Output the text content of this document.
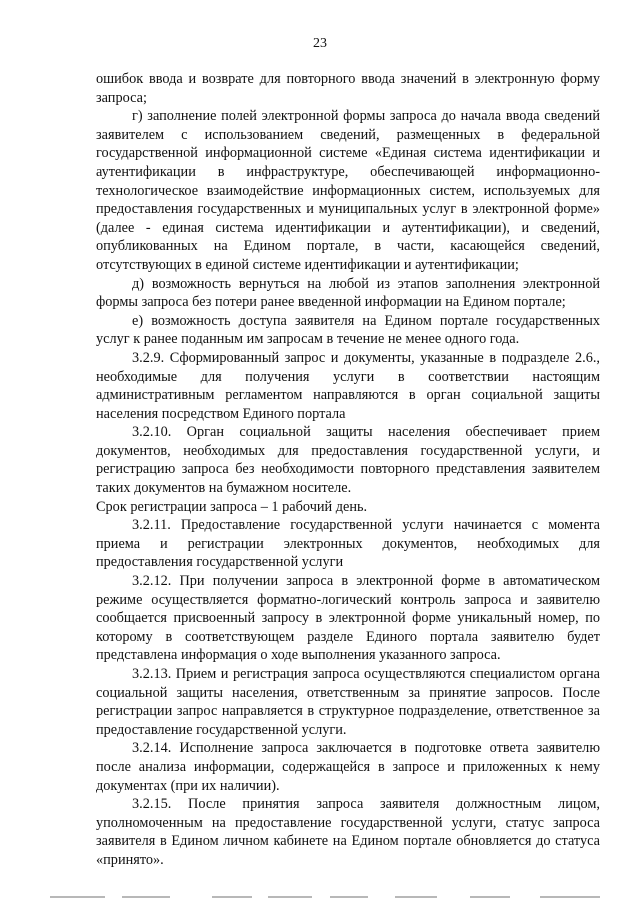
23

ошибок ввода и возврате для повторного ввода значений в электронную форму запроса;

г) заполнение полей электронной формы запроса до начала ввода сведений заявителем с использованием сведений, размещенных в федеральной государственной информационной системе «Единая система идентификации и аутентификации в инфраструктуре, обеспечивающей информационно-технологическое взаимодействие информационных систем, используемых для предоставления государственных и муниципальных услуг в электронной форме» (далее - единая система идентификации и аутентификации), и сведений, опубликованных на Едином портале, в части, касающейся сведений, отсутствующих в единой системе идентификации и аутентификации;

д) возможность вернуться на любой из этапов заполнения электронной формы запроса без потери ранее введенной информации на Едином портале;

е) возможность доступа заявителя на Едином портале государственных услуг к ранее поданным им запросам в течение не менее одного года.

3.2.9. Сформированный запрос и документы, указанные в подразделе 2.6., необходимые для получения услуги в соответствии настоящим административным регламентом направляются в орган социальной защиты населения посредством Единого портала

3.2.10. Орган социальной защиты населения обеспечивает прием документов, необходимых для предоставления государственной услуги, и регистрацию запроса без необходимости повторного представления заявителем таких документов на бумажном носителе.

Срок регистрации запроса – 1 рабочий день.

3.2.11. Предоставление государственной услуги начинается с момента приема и регистрации электронных документов, необходимых для предоставления государственной услуги

3.2.12. При получении запроса в электронной форме в автоматическом режиме осуществляется форматно-логический контроль запроса и заявителю сообщается присвоенный запросу в электронной форме уникальный номер, по которому в соответствующем разделе Единого портала заявителю будет представлена информация о ходе выполнения указанного запроса.

3.2.13. Прием и регистрация запроса осуществляются специалистом органа социальной защиты населения, ответственным за принятие запросов. После регистрации запрос направляется в структурное подразделение, ответственное за предоставление государственной услуги.

3.2.14. Исполнение запроса заключается в подготовке ответа заявителю после анализа информации, содержащейся в запросе и приложенных к нему документах (при их наличии).

3.2.15. После принятия запроса заявителя должностным лицом, уполномоченным на предоставление государственной услуги, статус запроса заявителя в Едином личном кабинете на Едином портале обновляется до статуса «принято».
